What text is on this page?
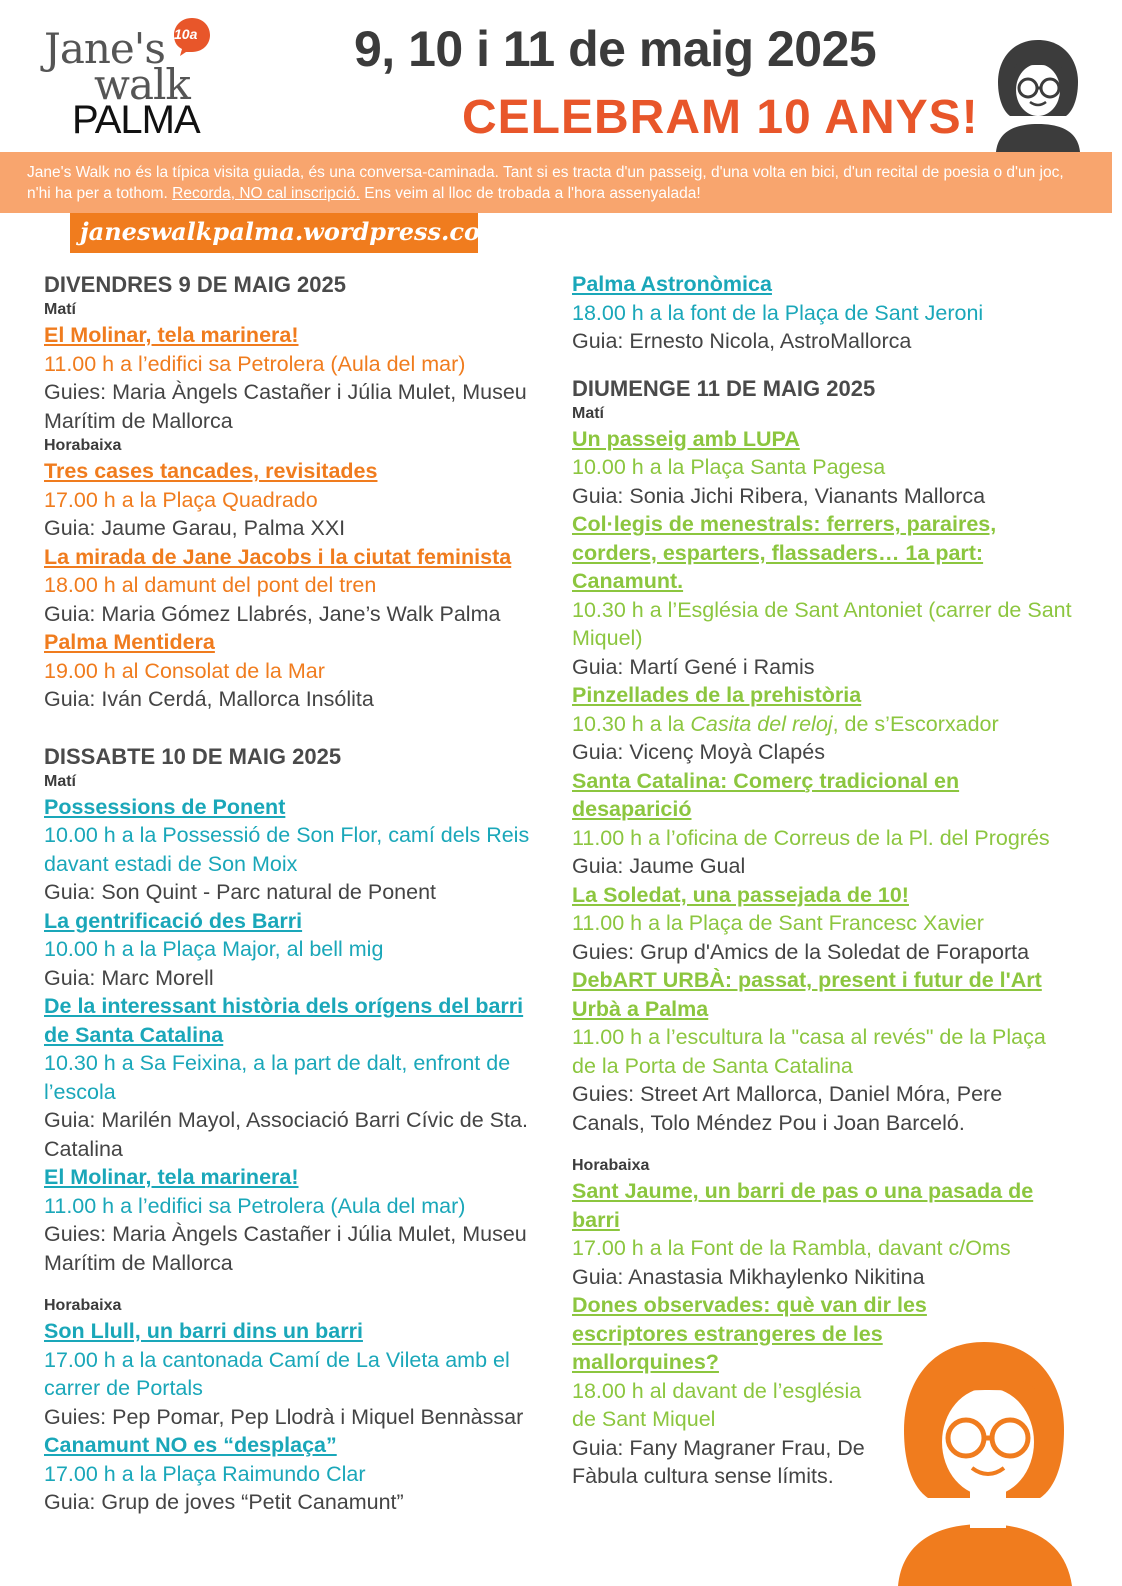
Jane's
walk
PALMA
10a	9, 10 i 11 de maig 2025
CELEBRAM 10 ANYS!

Jane's Walk no és la típica visita guiada, és una conversa-caminada. Tant si es tracta d'un passeig, d'una volta en bici, d'un recital de poesia o d'un joc, n'hi ha per a tothom. Recorda, NO cal inscripció. Ens veim al lloc de trobada a l'hora assenyalada!

janeswalkpalma.wordpress.com

DIVENDRES 9 DE MAIG 2025

Matí

El Molinar, tela marinera!

11.00 h a l’edifici sa Petrolera (Aula del mar)

Guies: Maria Àngels Castañer i Júlia Mulet, Museu Marítim de Mallorca

Horabaixa

Tres cases tancades, revisitades

17.00 h a la Plaça Quadrado

Guia: Jaume Garau, Palma XXI

La mirada de Jane Jacobs i la ciutat feminista

18.00 h al damunt del pont del tren

Guia: Maria Gómez Llabrés, Jane’s Walk Palma

Palma Mentidera

19.00 h al Consolat de la Mar

Guia: Iván Cerdá, Mallorca Insólita

DISSABTE 10 DE MAIG 2025

Matí

Possessions de Ponent

10.00 h a la Possessió de Son Flor, camí dels Reis davant estadi de Son Moix

Guia: Son Quint - Parc natural de Ponent

La gentrificació des Barri

10.00 h a la Plaça Major, al bell mig

Guia: Marc Morell

De la interessant història dels orígens del barri de Santa Catalina

10.30 h a Sa Feixina, a la part de dalt, enfront de l’escola

Guia: Marilén Mayol, Associació Barri Cívic de Sta. Catalina

El Molinar, tela marinera!

11.00 h a l’edifici sa Petrolera (Aula del mar)

Guies: Maria Àngels Castañer i Júlia Mulet, Museu Marítim de Mallorca

Horabaixa

Son Llull, un barri dins un barri

17.00 h a la cantonada Camí de La Vileta amb el carrer de Portals

Guies: Pep Pomar, Pep Llodrà i Miquel Bennàssar

Canamunt NO es “desplaça”

17.00 h a la Plaça Raimundo Clar

Guia: Grup de joves “Petit Canamunt”

Palma Astronòmica

18.00 h a la font de la Plaça de Sant Jeroni

Guia: Ernesto Nicola, AstroMallorca

DIUMENGE 11 DE MAIG 2025

Matí

Un passeig amb LUPA

10.00 h a la Plaça Santa Pagesa

Guia: Sonia Jichi Ribera, Vianants Mallorca

Col·legis de menestrals: ferrers, paraires, corders, esparters, flassaders… 1a part: Canamunt.

10.30 h a l’Església de Sant Antoniet (carrer de Sant Miquel)

Guia: Martí Gené i Ramis

Pinzellades de la prehistòria

10.30 h a la Casita del reloj, de s’Escorxador

Guia: Vicenç Moyà Clapés

Santa Catalina: Comerç tradicional en desaparició

11.00 h a l’oficina de Correus de la Pl. del Progrés

Guia: Jaume Gual

La Soledat, una passejada de 10!

11.00 h a la Plaça de Sant Francesc Xavier

Guies: Grup d'Amics de la Soledat de Foraporta

DebART URBÀ: passat, present i futur de l'Art Urbà a Palma

11.00 h a l’escultura la "casa al revés" de la Plaça de la Porta de Santa Catalina

Guies: Street Art Mallorca, Daniel Móra, Pere Canals, Tolo Méndez Pou i Joan Barceló.

Horabaixa

Sant Jaume, un barri de pas o una pasada de barri

17.00 h a la Font de la Rambla, davant c/Oms

Guia: Anastasia Mikhaylenko Nikitina

Dones observades: què van dir les escriptores estrangeres de les mallorquines?

18.00 h al davant de l’església
de Sant Miquel

Guia: Fany Magraner Frau, De
Fàbula cultura sense límits.
